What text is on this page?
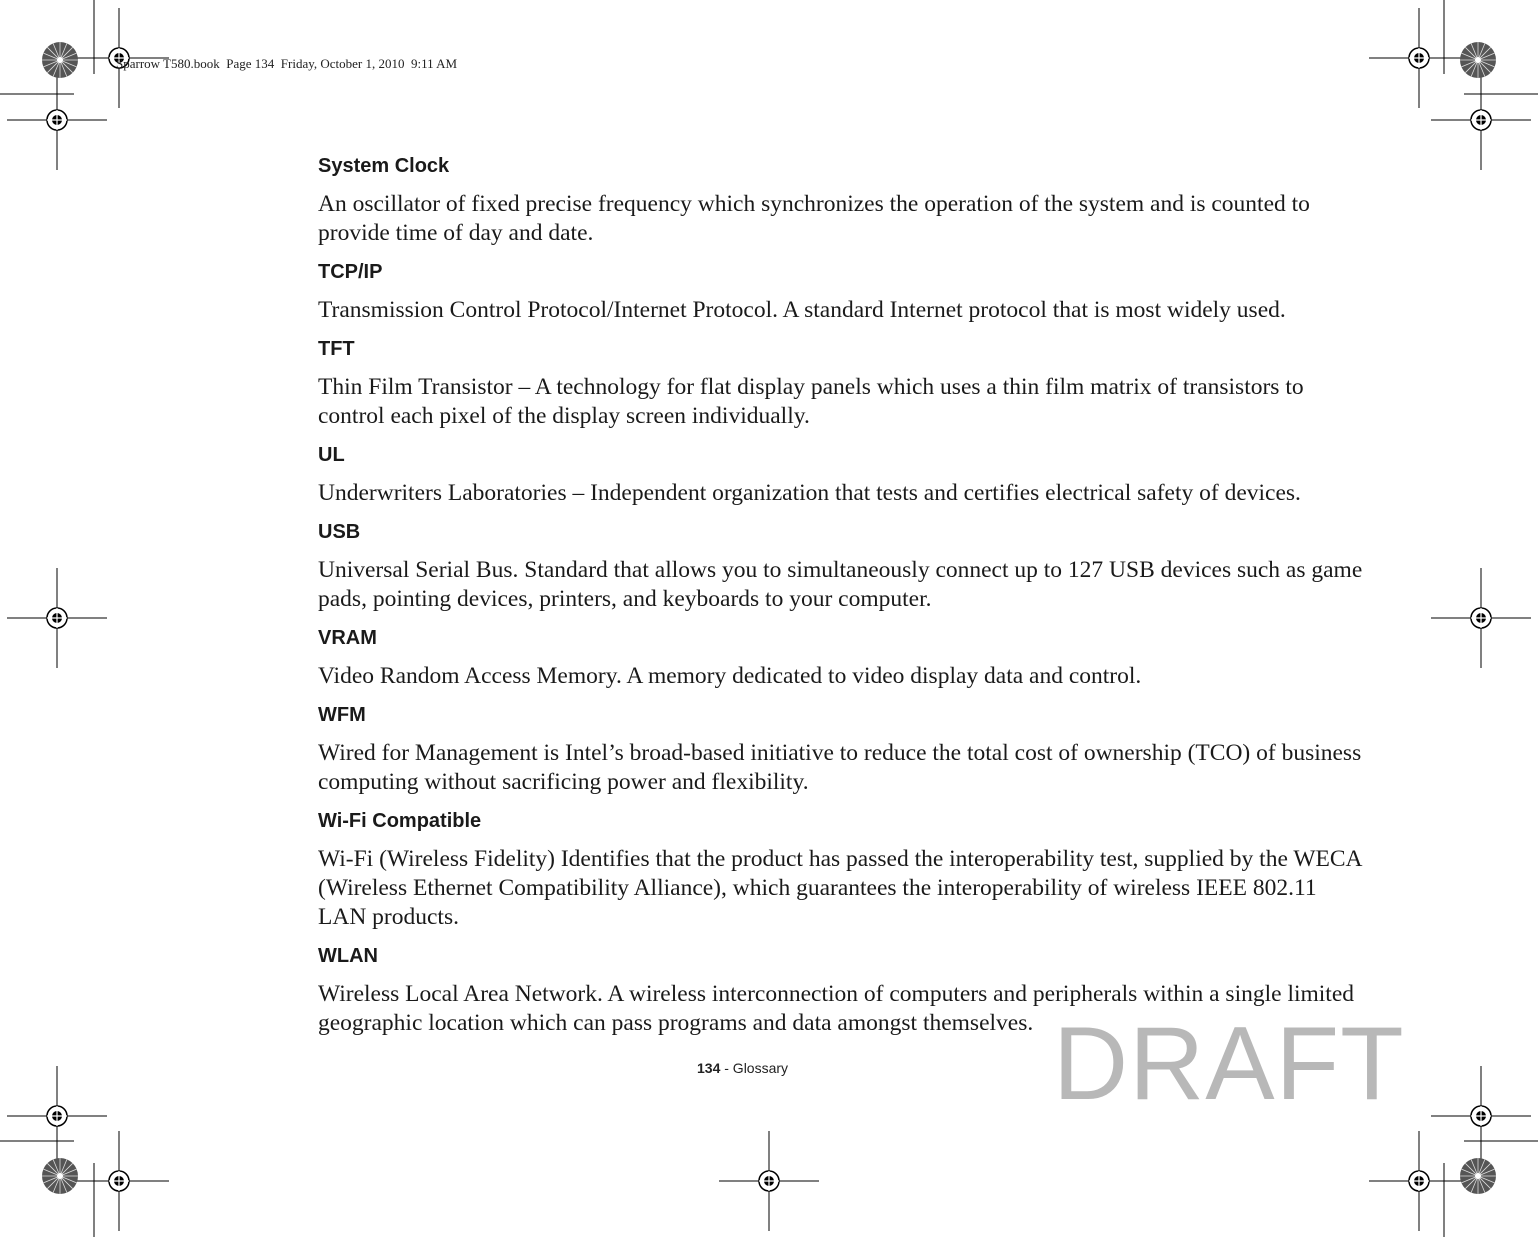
Sparrow T580.book  Page 134  Friday, October 1, 2010  9:11 AM
System Clock

An oscillator of fixed precise frequency which synchronizes the operation of the system and is counted to provide time of day and date.

TCP/IP

Transmission Control Protocol/Internet Protocol. A standard Internet protocol that is most widely used.

TFT

Thin Film Transistor – A technology for flat display panels which uses a thin film matrix of transistors to control each pixel of the display screen individually.

UL

Underwriters Laboratories – Independent organization that tests and certifies electrical safety of devices.

USB

Universal Serial Bus. Standard that allows you to simultaneously connect up to 127 USB devices such as game pads, pointing devices, printers, and keyboards to your computer.

VRAM

Video Random Access Memory. A memory dedicated to video display data and control.

WFM

Wired for Management is Intel’s broad-based initiative to reduce the total cost of ownership (TCO) of business computing without sacrificing power and flexibility.

Wi-Fi Compatible

Wi-Fi (Wireless Fidelity) Identifies that the product has passed the interoperability test, supplied by the WECA (Wireless Ethernet Compatibility Alliance), which guarantees the interoperability of wireless IEEE 802.11 LAN products.

WLAN

Wireless Local Area Network. A wireless interconnection of computers and peripherals within a single limited geographic location which can pass programs and data amongst themselves.

134 - Glossary	DRAFT
